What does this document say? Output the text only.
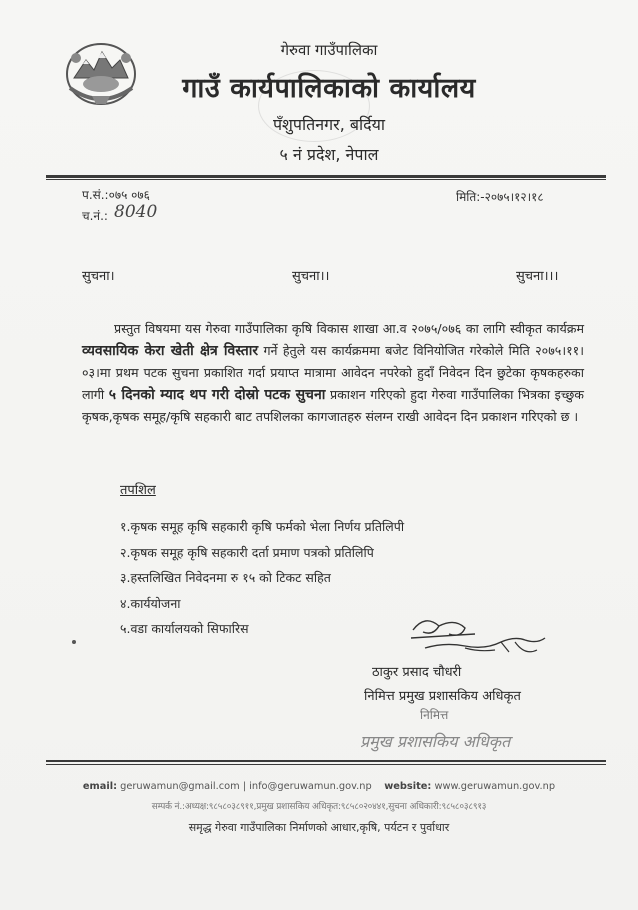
गेरुवा गाउँपालिका
गाउँ कार्यपालिकाको कार्यालय
पँशुपतिनगर, बर्दिया
५ नं प्रदेश, नेपाल
प.सं.:०७५ ०७६
च.नं.: 8040
मिति:-२०७५।१२।१८
सुचना।	सुचना।।	सुचना।।।
प्रस्तुत विषयमा यस गेरुवा गाउँपालिका कृषि विकास शाखा आ.व २०७५/०७६ का लागि स्वीकृत कार्यक्रम व्यवसायिक केरा खेती क्षेत्र विस्तार गर्ने हेतुले यस कार्यक्रममा बजेट विनियोजित गरेकोले मिति २०७५।११।०३।मा प्रथम पटक सुचना प्रकाशित गर्दा प्रयाप्त मात्रामा आवेदन नपरेको हुदाँ निवेदन दिन छुटेका कृषकहरुका लागी ५ दिनको म्याद थप गरी दोस्रो पटक सुचना प्रकाशन गरिएको हुदा गेरुवा गाउँपालिका भित्रका इच्छुक कृषक,कृषक समूह/कृषि सहकारी बाट तपशिलका कागजातहरु संलग्न राखी आवेदन दिन प्रकाशन गरिएको छ ।
तपशिल
१.कृषक समूह कृषि सहकारी कृषि फर्मको भेला निर्णय प्रतिलिपी
२.कृषक समूह कृषि सहकारी दर्ता प्रमाण पत्रको प्रतिलिपि
३.हस्तलिखित निवेदनमा रु १५ को टिकट सहित
४.कार्ययोजना
५.वडा कार्यालयको सिफारिस
ठाकुर प्रसाद चौधरी
निमित्त प्रमुख प्रशासकिय अधिकृत
निमित्त
प्रमुख प्रशासकिय अधिकृत
email: geruwamun@gmail.com | info@geruwamun.gov.np website: www.geruwamun.gov.np
सम्पर्क नं.:अध्यक्ष:९८५८०३८९११,प्रमुख प्रशासकिय अधिकृत:९८५८०२०४४१,सुचना अधिकारी:९८५८०३८९१३
समृद्ध गेरुवा गाउँपालिका निर्माणको आधार,कृषि, पर्यटन र पुर्वाधार
